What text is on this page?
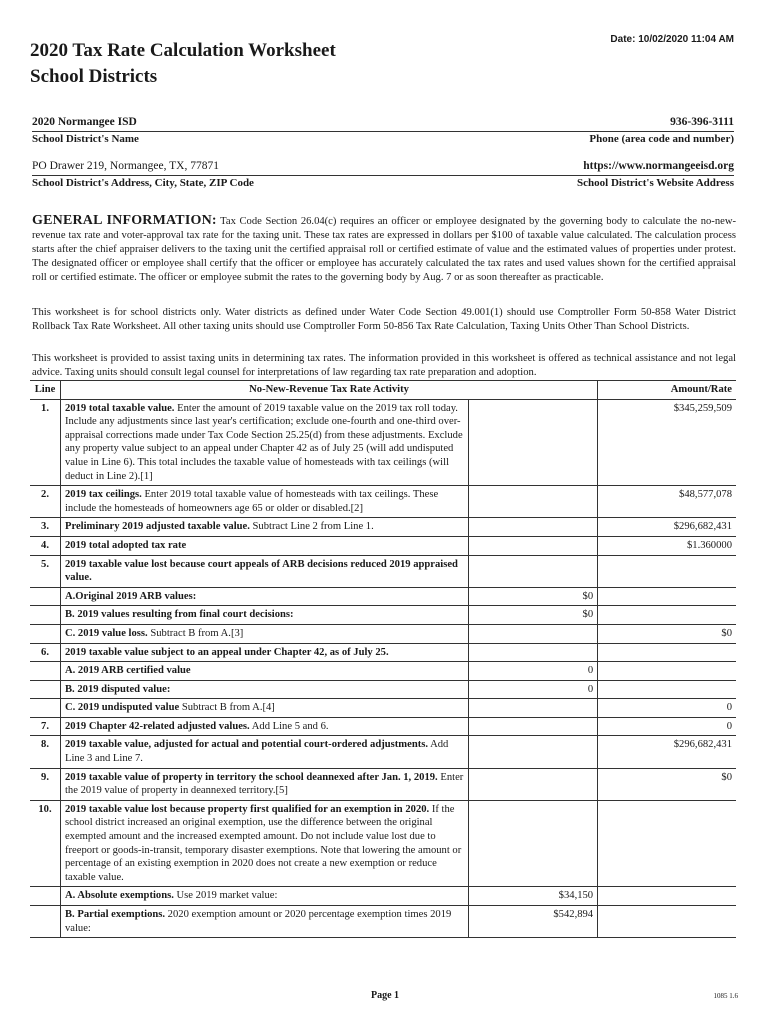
2020 Tax Rate Calculation Worksheet
School Districts
Date: 10/02/2020 11:04 AM
2020 Normangee ISD	936-396-3111
School District's Name	Phone (area code and number)
PO Drawer 219, Normangee, TX, 77871	https://www.normangeeisd.org
School District's Address, City, State, ZIP Code	School District's Website Address
GENERAL INFORMATION: Tax Code Section 26.04(c) requires an officer or employee designated by the governing body to calculate the no-new-revenue tax rate and voter-approval tax rate for the taxing unit. These tax rates are expressed in dollars per $100 of taxable value calculated. The calculation process starts after the chief appraiser delivers to the taxing unit the certified appraisal roll or certified estimate of value and the estimated values of properties under protest. The designated officer or employee shall certify that the officer or employee has accurately calculated the tax rates and used values shown for the certified appraisal roll or certified estimate. The officer or employee submit the rates to the governing body by Aug. 7 or as soon thereafter as practicable.
This worksheet is for school districts only. Water districts as defined under Water Code Section 49.001(1) should use Comptroller Form 50-858 Water District Rollback Tax Rate Worksheet. All other taxing units should use Comptroller Form 50-856 Tax Rate Calculation, Taxing Units Other Than School Districts.
This worksheet is provided to assist taxing units in determining tax rates. The information provided in this worksheet is offered as technical assistance and not legal advice. Taxing units should consult legal counsel for interpretations of law regarding tax rate preparation and adoption.
Line	No-New-Revenue Tax Rate Activity		Amount/Rate
1.	2019 total taxable value. Enter the amount of 2019 taxable value on the 2019 tax roll today. Include any adjustments since last year's certification; exclude one-fourth and one-third over-appraisal corrections made under Tax Code Section 25.25(d) from these adjustments. Exclude any property value subject to an appeal under Chapter 42 as of July 25 (will add undisputed value in Line 6). This total includes the taxable value of homesteads with tax ceilings (will deduct in Line 2).[1]		$345,259,509
2.	2019 tax ceilings. Enter 2019 total taxable value of homesteads with tax ceilings. These include the homesteads of homeowners age 65 or older or disabled.[2]		$48,577,078
3.	Preliminary 2019 adjusted taxable value. Subtract Line 2 from Line 1.		$296,682,431
4.	2019 total adopted tax rate		$1.360000
5.	2019 taxable value lost because court appeals of ARB decisions reduced 2019 appraised value.		
	A.Original 2019 ARB values:	$0	
	B. 2019 values resulting from final court decisions:	$0	
	C. 2019 value loss. Subtract B from A.[3]		$0
6.	2019 taxable value subject to an appeal under Chapter 42, as of July 25.		
	A. 2019 ARB certified value	0	
	B. 2019 disputed value:	0	
	C. 2019 undisputed value Subtract B from A.[4]		0
7.	2019 Chapter 42-related adjusted values. Add Line 5 and 6.		0
8.	2019 taxable value, adjusted for actual and potential court-ordered adjustments. Add Line 3 and Line 7.		$296,682,431
9.	2019 taxable value of property in territory the school deannexed after Jan. 1, 2019. Enter the 2019 value of property in deannexed territory.[5]		$0
10.	2019 taxable value lost because property first qualified for an exemption in 2020. If the school district increased an original exemption, use the difference between the original exempted amount and the increased exempted amount. Do not include value lost due to freeport or goods-in-transit, temporary disaster exemptions. Note that lowering the amount or percentage of an existing exemption in 2020 does not create a new exemption or reduce taxable value.		
	A. Absolute exemptions. Use 2019 market value:	$34,150	
	B. Partial exemptions. 2020 exemption amount or 2020 percentage exemption times 2019 value:	$542,894	
Page 1	1085 1.6
